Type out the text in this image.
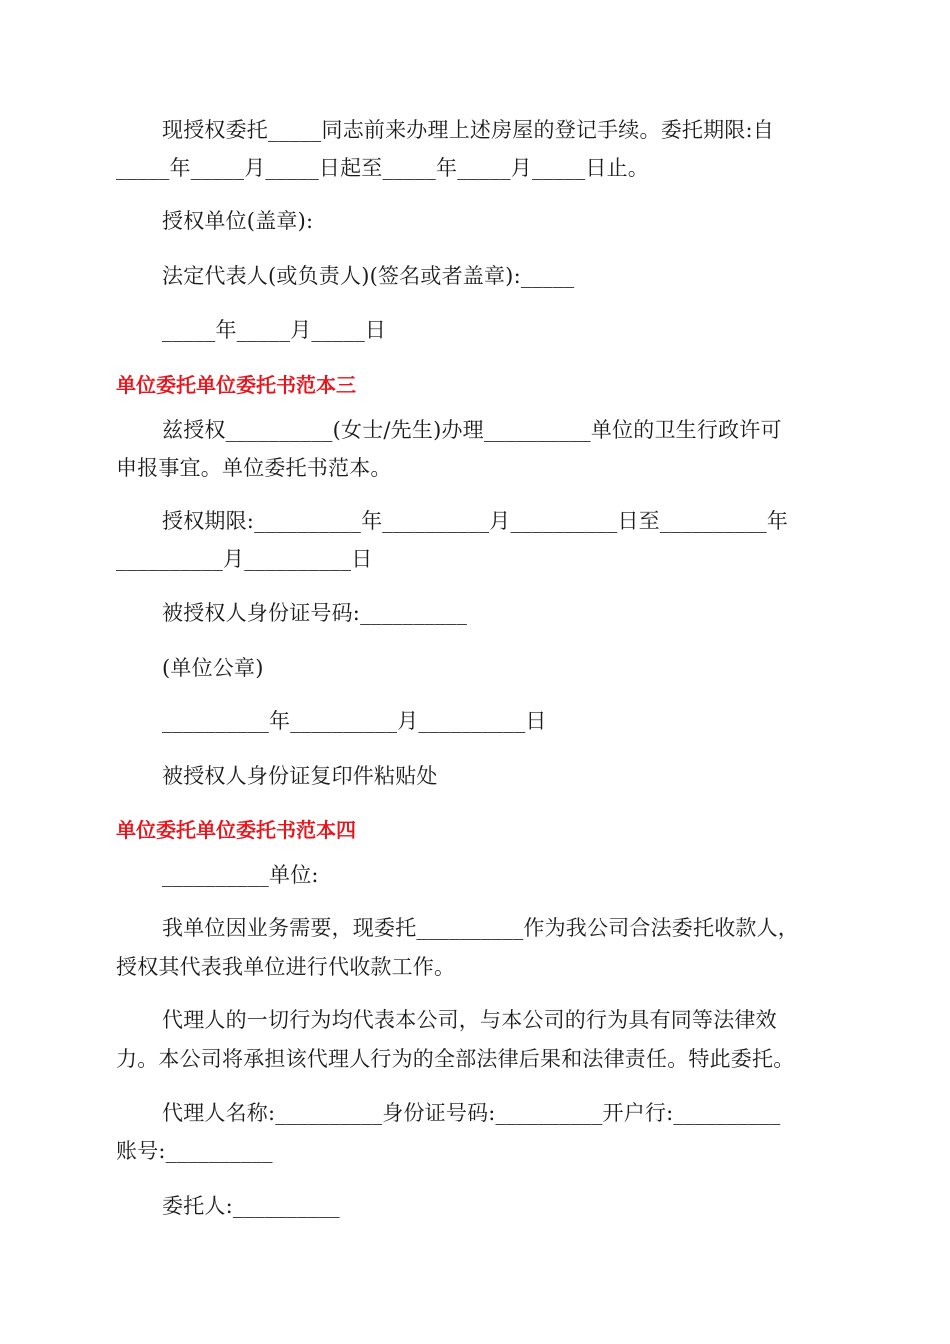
现授权委托_____同志前来办理上述房屋的登记手续。委托期限:自
_____年_____月_____日起至_____年_____月_____日止。
授权单位(盖章):
法定代表人(或负责人)(签名或者盖章):_____
_____年_____月_____日
单位委托单位委托书范本三
兹授权__________(女士/先生)办理__________单位的卫生行政许可
申报事宜。单位委托书范本。
授权期限:__________年__________月__________日至__________年
__________月__________日
被授权人身份证号码:__________
(单位公章)
__________年__________月__________日
被授权人身份证复印件粘贴处
单位委托单位委托书范本四
__________单位:
我单位因业务需要，现委托__________作为我公司合法委托收款人，
授权其代表我单位进行代收款工作。
代理人的一切行为均代表本公司，与本公司的行为具有同等法律效
力。本公司将承担该代理人行为的全部法律后果和法律责任。特此委托。
代理人名称:__________身份证号码:__________开户行:__________
账号:__________
委托人:__________
